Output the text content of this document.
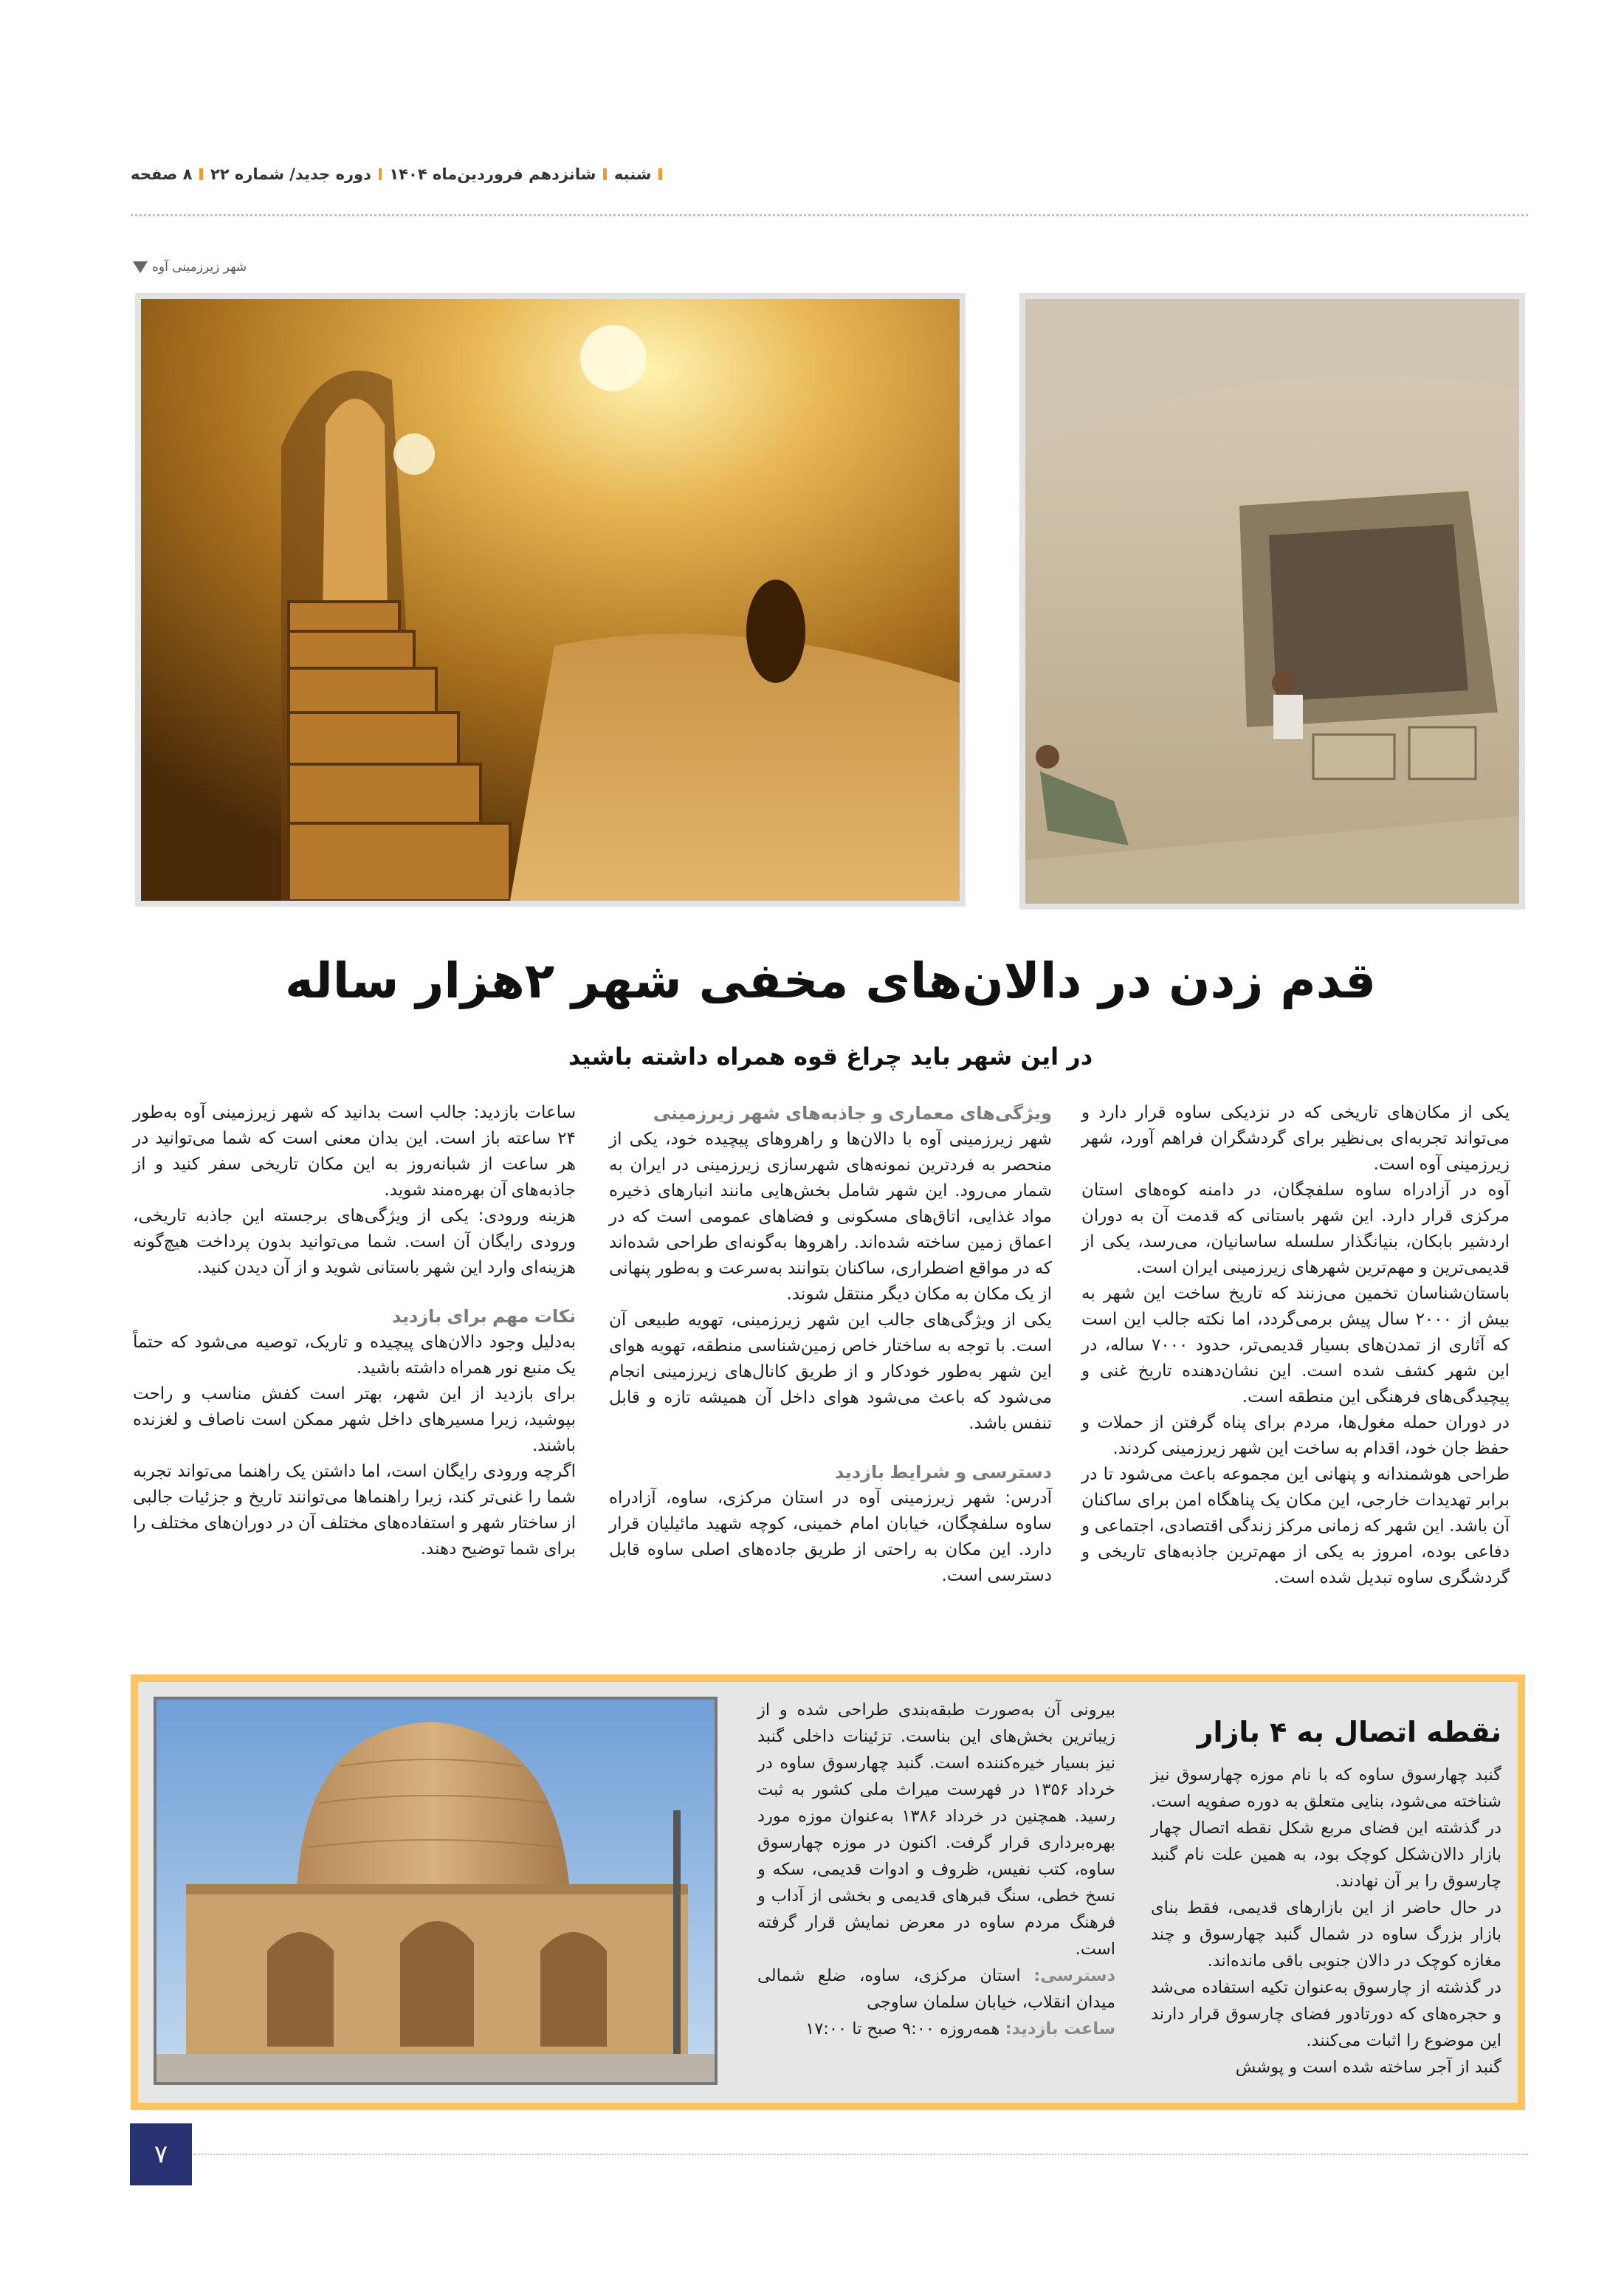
شنبه
شانزدهم فروردین‌ماه ۱۴۰۴
دوره جدید/ شماره ۲۲
۸ صفحه
شهر زیرزمینی آوه
قدم زدن در دالان‌های مخفی شهر ۲هزار ساله
در این شهر باید چراغ قوه همراه داشته باشید

یکی از مکان‌های تاریخی که در نزدیکی ساوه قرار دارد و می‌تواند تجربه‌ای بی‌نظیر برای گردشگران فراهم آورد، شهر زیرزمینی آوه است.

آوه در آزادراه ساوه سلفچگان، در دامنه کوه‌های استان مرکزی قرار دارد. این شهر باستانی که قدمت آن به دوران اردشیر بابکان، بنیانگذار سلسله ساسانیان، می‌رسد، یکی از قدیمی‌ترین و مهم‌ترین شهرهای زیرزمینی ایران است.

باستان‌شناسان تخمین می‌زنند که تاریخ ساخت این شهر به بیش از ۲۰۰۰ سال پیش برمی‌گردد، اما نکته جالب این است که آثاری از تمدن‌های بسیار قدیمی‌تر، حدود ۷۰۰۰ ساله، در این شهر کشف شده است. این نشان‌دهنده تاریخ غنی و پیچیدگی‌های فرهنگی این منطقه است.

در دوران حمله مغول‌ها، مردم برای پناه گرفتن از حملات و حفظ جان خود، اقدام به ساخت این شهر زیرزمینی کردند.

طراحی هوشمندانه و پنهانی این مجموعه باعث می‌شود تا در برابر تهدیدات خارجی، این مکان یک پناهگاه امن برای ساکنان آن باشد. این شهر که زمانی مرکز زندگی اقتصادی، اجتماعی و دفاعی بوده، امروز به یکی از مهم‌ترین جاذبه‌های تاریخی و گردشگری ساوه تبدیل شده است.

ویژگی‌های معماری و جاذبه‌های شهر زیرزمینی

شهر زیرزمینی آوه با دالان‌ها و راهروهای پیچیده خود، یکی از منحصر به فردترین نمونه‌های شهرسازی زیرزمینی در ایران به شمار می‌رود. این شهر شامل بخش‌هایی مانند انبارهای ذخیره مواد غذایی، اتاق‌های مسکونی و فضاهای عمومی است که در اعماق زمین ساخته شده‌اند. راهروها به‌گونه‌ای طراحی شده‌اند که در مواقع اضطراری، ساکنان بتوانند به‌سرعت و به‌طور پنهانی از یک مکان به مکان دیگر منتقل شوند.

یکی از ویژگی‌های جالب این شهر زیرزمینی، تهویه طبیعی آن است. با توجه به ساختار خاص زمین‌شناسی منطقه، تهویه هوای این شهر به‌طور خودکار و از طریق کانال‌های زیرزمینی انجام می‌شود که باعث می‌شود هوای داخل آن همیشه تازه و قابل تنفس باشد.

دسترسی و شرایط بازدید

آدرس: شهر زیرزمینی آوه در استان مرکزی، ساوه، آزادراه ساوه سلفچگان، خیابان امام خمینی، کوچه شهید مائیلیان قرار دارد. این مکان به راحتی از طریق جاده‌های اصلی ساوه قابل دسترسی است.

ساعات بازدید: جالب است بدانید که شهر زیرزمینی آوه به‌طور ۲۴ ساعته باز است. این بدان معنی است که شما می‌توانید در هر ساعت از شبانه‌روز به این مکان تاریخی سفر کنید و از جاذبه‌های آن بهره‌مند شوید.

هزینه ورودی: یکی از ویژگی‌های برجسته این جاذبه تاریخی، ورودی رایگان آن است. شما می‌توانید بدون پرداخت هیچ‌گونه هزینه‌ای وارد این شهر باستانی شوید و از آن دیدن کنید.

نکات مهم برای بازدید

به‌دلیل وجود دالان‌های پیچیده و تاریک، توصیه می‌شود که حتماً یک منبع نور همراه داشته باشید.

برای بازدید از این شهر، بهتر است کفش مناسب و راحت بپوشید، زیرا مسیرهای داخل شهر ممکن است ناصاف و لغزنده باشند.

اگرچه ورودی رایگان است، اما داشتن یک راهنما می‌تواند تجربه شما را غنی‌تر کند، زیرا راهنماها می‌توانند تاریخ و جزئیات جالبی از ساختار شهر و استفاده‌های مختلف آن در دوران‌های مختلف را برای شما توضیح دهند.

نقطه اتصال به ۴ بازار

گنبد چهارسوق ساوه که با نام موزه چهارسوق نیز شناخته می‌شود، بنایی متعلق به دوره صفویه است. در گذشته این فضای مربع شکل نقطه اتصال چهار بازار دالان‌شکل کوچک بود، به همین علت نام گنبد چارسوق را بر آن نهادند.

در حال حاضر از این بازارهای قدیمی، فقط بنای بازار بزرگ ساوه در شمال گنبد چهارسوق و چند مغازه کوچک در دالان جنوبی باقی مانده‌اند.

در گذشته از چارسوق به‌عنوان تکیه استفاده می‌شد و حجره‌های که دورتادور فضای چارسوق قرار دارند این موضوع را اثبات می‌کنند.

گنبد از آجر ساخته شده است و پوشش

بیرونی آن به‌صورت طبقه‌بندی طراحی شده و از زیباترین بخش‌های این بناست. تزئینات داخلی گنبد نیز بسیار خیره‌کننده است. گنبد چهارسوق ساوه در خرداد ۱۳۵۶ در فهرست میراث ملی کشور به ثبت رسید. همچنین در خرداد ۱۳۸۶ به‌عنوان موزه مورد بهره‌برداری قرار گرفت. اکنون در موزه چهارسوق ساوه، کتب نفیس، ظروف و ادوات قدیمی، سکه و نسخ خطی، سنگ قبرهای قدیمی و بخشی از آداب و فرهنگ مردم ساوه در معرض نمایش قرار گرفته است.

دسترسی: استان مرکزی، ساوه، ضلع شمالی میدان انقلاب، خیابان سلمان ساوجی

ساعت بازدید: همه‌روزه ۹:۰۰ صبح تا ۱۷:۰۰

۷
